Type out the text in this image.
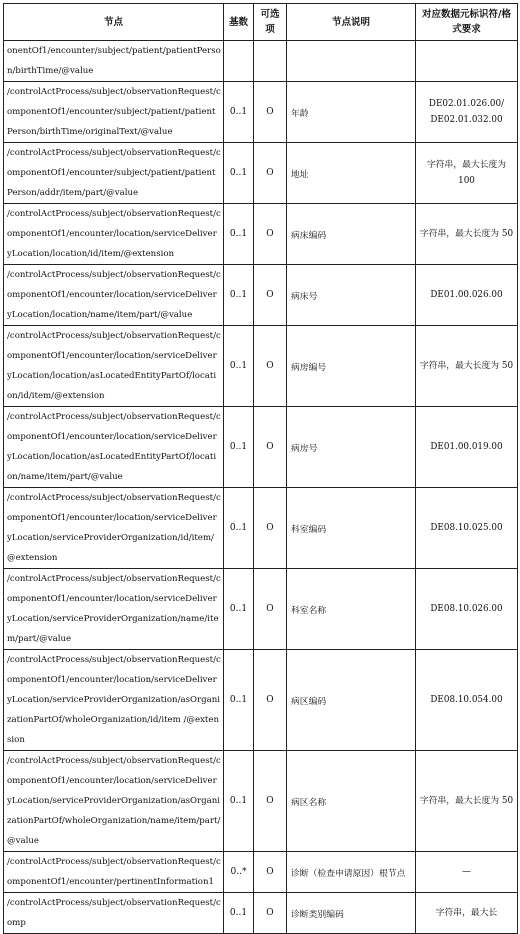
节点	基数	可选项	节点说明	对应数据元标识符/格式要求
onentOf1/encounter/subject/patient/patientPerson/birthTime/@value				
/controlActProcess/subject/observationRequest/componentOf1/encounter/subject/patient/patientPerson/birthTime/originalText/@value	0..1	O	年龄	DE02.01.026.00/ DE02.01.032.00
/controlActProcess/subject/observationRequest/componentOf1/encounter/subject/patient/patientPerson/addr/item/part/@value	0..1	O	地址	字符串，最大长度为 100
/controlActProcess/subject/observationRequest/componentOf1/encounter/location/serviceDeliveryLocation/location/id/item/@extension	0..1	O	病床编码	字符串，最大长度为 50
/controlActProcess/subject/observationRequest/componentOf1/encounter/location/serviceDeliveryLocation/location/name/item/part/@value	0..1	O	病床号	DE01.00.026.00
/controlActProcess/subject/observationRequest/componentOf1/encounter/location/serviceDeliveryLocation/location/asLocatedEntityPartOf/location/id/item/@extension	0..1	O	病房编号	字符串，最大长度为 50
/controlActProcess/subject/observationRequest/componentOf1/encounter/location/serviceDeliveryLocation/location/asLocatedEntityPartOf/location/name/item/part/@value	0..1	O	病房号	DE01.00.019.00
/controlActProcess/subject/observationRequest/componentOf1/encounter/location/serviceDeliveryLocation/serviceProviderOrganization/id/item/@extension	0..1	O	科室编码	DE08.10.025.00
/controlActProcess/subject/observationRequest/componentOf1/encounter/location/serviceDeliveryLocation/serviceProviderOrganization/name/item/part/@value	0..1	O	科室名称	DE08.10.026.00
/controlActProcess/subject/observationRequest/componentOf1/encounter/location/serviceDeliveryLocation/serviceProviderOrganization/asOrganizationPartOf/wholeOrganization/id/item /@extension	0..1	O	病区编码	DE08.10.054.00
/controlActProcess/subject/observationRequest/componentOf1/encounter/location/serviceDeliveryLocation/serviceProviderOrganization/asOrganizationPartOf/wholeOrganization/name/item/part/@value	0..1	O	病区名称	字符串，最大长度为 50
/controlActProcess/subject/observationRequest/componentOf1/encounter/pertinentInformation1	0..*	O	诊断（检查申请原因）根节点	—
/controlActProcess/subject/observationRequest/comp	0..1	O	诊断类别编码	字符串，最大长
